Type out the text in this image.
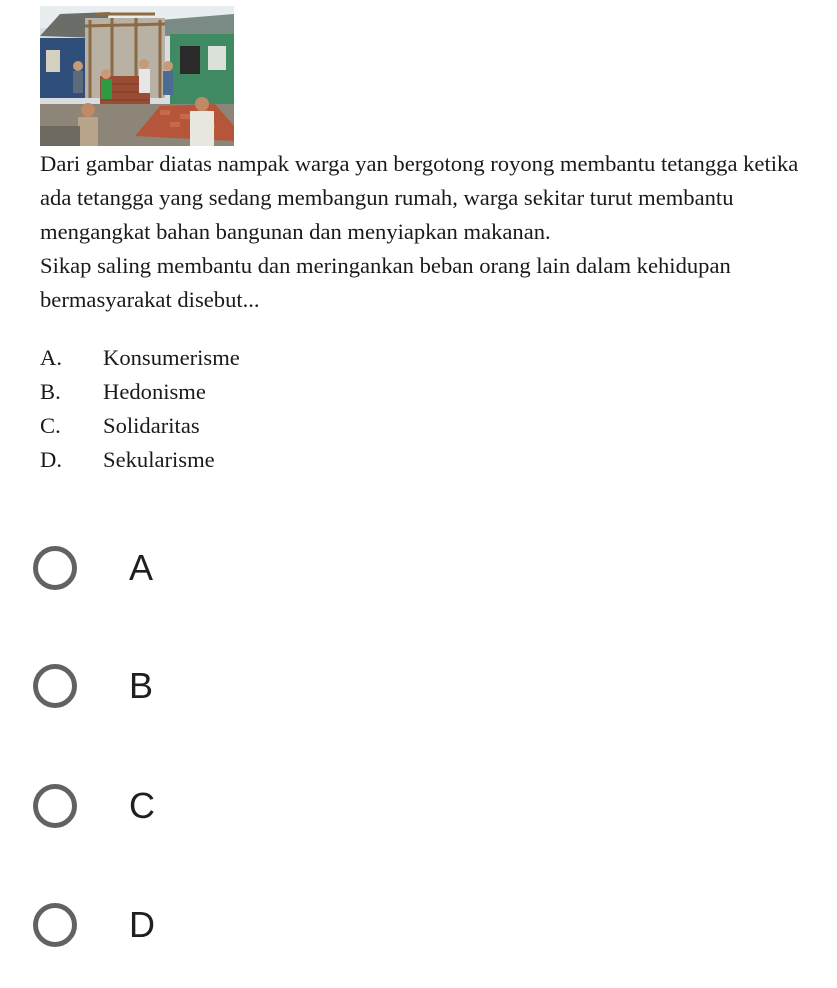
Dari gambar diatas nampak warga yan bergotong royong membantu tetangga ketika ada tetangga yang sedang membangun rumah, warga sekitar turut membantu mengangkat bahan bangunan dan menyiapkan makanan.

Sikap saling membantu dan meringankan beban orang lain dalam kehidupan bermasyarakat disebut...

A.	Konsumerisme
B.	Hedonisme
C.	Solidaritas
D.	Sekularisme
A
B
C
D
